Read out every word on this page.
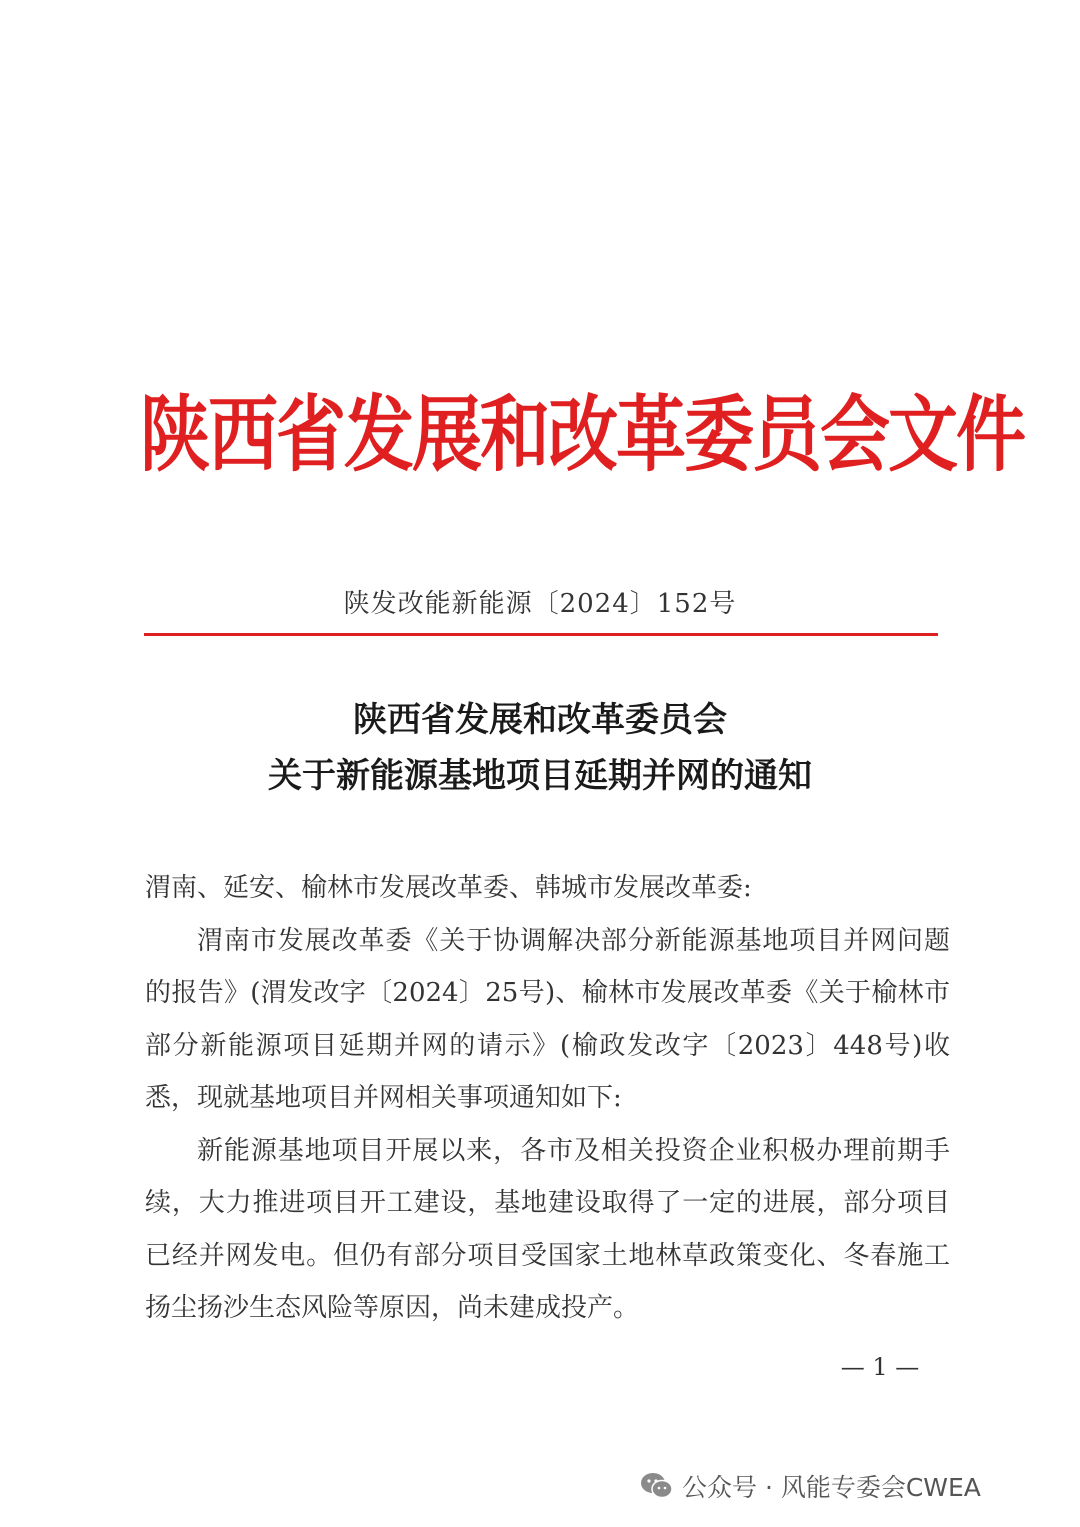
陕西省发展和改革委员会文件
陕发改能新能源〔2024〕152号
陕西省发展和改革委员会
关于新能源基地项目延期并网的通知

渭南、延安、榆林市发展改革委、韩城市发展改革委:

渭南市发展改革委《关于协调解决部分新能源基地项目并网问题的报告》(渭发改字〔2024〕25号)、榆林市发展改革委《关于榆林市部分新能源项目延期并网的请示》(榆政发改字〔2023〕448号)收悉，现就基地项目并网相关事项通知如下:

新能源基地项目开展以来，各市及相关投资企业积极办理前期手续，大力推进项目开工建设，基地建设取得了一定的进展，部分项目已经并网发电。但仍有部分项目受国家土地林草政策变化、冬春施工扬尘扬沙生态风险等原因，尚未建成投产。

— 1 —
公众号 · 风能专委会CWEA
